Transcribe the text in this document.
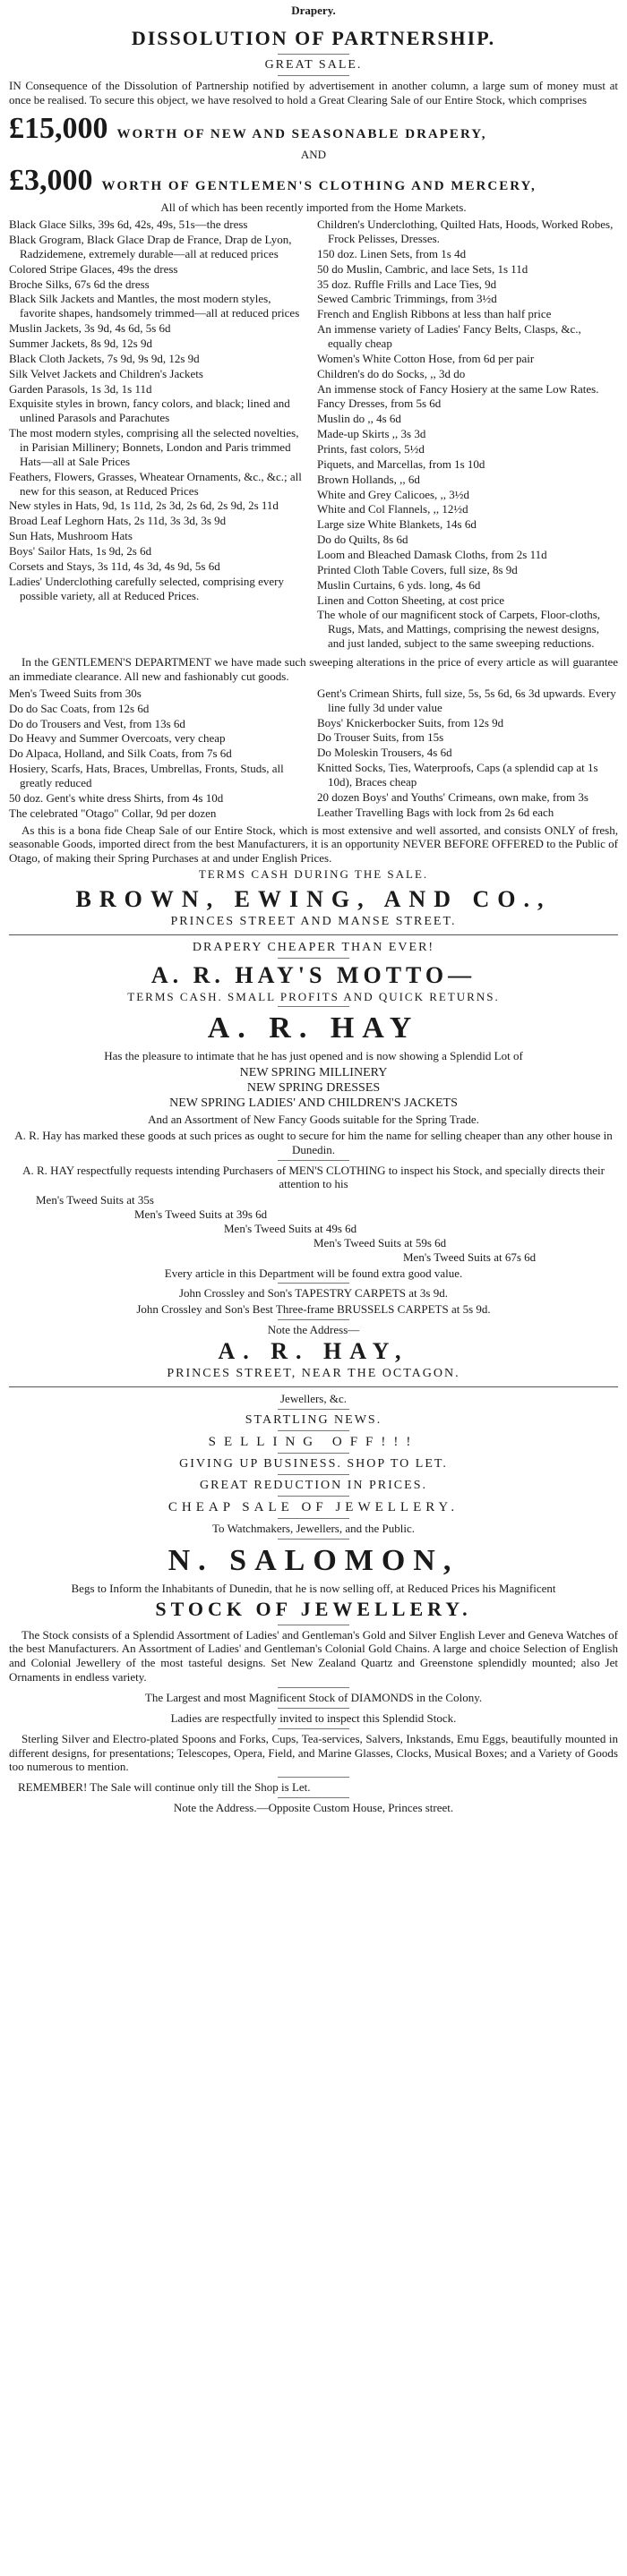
Drapery.
DISSOLUTION OF PARTNERSHIP.
GREAT SALE.

IN Consequence of the Dissolution of Partnership notified by advertisement in another column, a large sum of money must at once be realised. To secure this object, we have resolved to hold a Great Clearing Sale of our Entire Stock, which comprises

£15,000 WORTH OF NEW AND SEASONABLE DRAPERY,
AND
£3,000 WORTH OF GENTLEMEN'S CLOTHING AND MERCERY,

All of which has been recently imported from the Home Markets.

Black Glace Silks, 39s 6d, 42s, 49s, 51s—the dress

Black Grogram, Black Glace Drap de France, Drap de Lyon, Radzidemene, extremely durable—all at reduced prices

Colored Stripe Glaces, 49s the dress

Broche Silks, 67s 6d the dress

Black Silk Jackets and Mantles, the most modern styles, favorite shapes, handsomely trimmed—all at reduced prices

Muslin Jackets, 3s 9d, 4s 6d, 5s 6d

Summer Jackets, 8s 9d, 12s 9d

Black Cloth Jackets, 7s 9d, 9s 9d, 12s 9d

Silk Velvet Jackets and Children's Jackets

Garden Parasols, 1s 3d, 1s 11d

Exquisite styles in brown, fancy colors, and black; lined and unlined Parasols and Parachutes

The most modern styles, comprising all the selected novelties, in Parisian Millinery; Bonnets, London and Paris trimmed Hats—all at Sale Prices

Feathers, Flowers, Grasses, Wheatear Ornaments, &c., &c.; all new for this season, at Reduced Prices

New styles in Hats, 9d, 1s 11d, 2s 3d, 2s 6d, 2s 9d, 2s 11d

Broad Leaf Leghorn Hats, 2s 11d, 3s 3d, 3s 9d

Sun Hats, Mushroom Hats

Boys' Sailor Hats, 1s 9d, 2s 6d

Corsets and Stays, 3s 11d, 4s 3d, 4s 9d, 5s 6d

Ladies' Underclothing carefully selected, comprising every possible variety, all at Reduced Prices.

Children's Underclothing, Quilted Hats, Hoods, Worked Robes, Frock Pelisses, Dresses.

150 doz. Linen Sets, from 1s 4d

50 do Muslin, Cambric, and lace Sets, 1s 11d

35 doz. Ruffle Frills and Lace Ties, 9d

Sewed Cambric Trimmings, from 3½d

French and English Ribbons at less than half price

An immense variety of Ladies' Fancy Belts, Clasps, &c., equally cheap

Women's White Cotton Hose, from 6d per pair

Children's do do Socks, ,, 3d do

An immense stock of Fancy Hosiery at the same Low Rates.

Fancy Dresses, from 5s 6d

Muslin do ,, 4s 6d

Made-up Skirts ,, 3s 3d

Prints, fast colors, 5½d

Piquets, and Marcellas, from 1s 10d

Brown Hollands, ,, 6d

White and Grey Calicoes, ,, 3½d

White and Col Flannels, ,, 12½d

Large size White Blankets, 14s 6d

Do do Quilts, 8s 6d

Loom and Bleached Damask Cloths, from 2s 11d

Printed Cloth Table Covers, full size, 8s 9d

Muslin Curtains, 6 yds. long, 4s 6d

Linen and Cotton Sheeting, at cost price

The whole of our magnificent stock of Carpets, Floor-cloths, Rugs, Mats, and Mattings, comprising the newest designs, and just landed, subject to the same sweeping reductions.

In the GENTLEMEN'S DEPARTMENT we have made such sweeping alterations in the price of every article as will guarantee an immediate clearance. All new and fashionably cut goods.

Men's Tweed Suits from 30s

Do do Sac Coats, from 12s 6d

Do do Trousers and Vest, from 13s 6d

Do Heavy and Summer Overcoats, very cheap

Do Alpaca, Holland, and Silk Coats, from 7s 6d

Hosiery, Scarfs, Hats, Braces, Umbrellas, Fronts, Studs, all greatly reduced

50 doz. Gent's white dress Shirts, from 4s 10d

The celebrated "Otago" Collar, 9d per dozen

Gent's Crimean Shirts, full size, 5s, 5s 6d, 6s 3d upwards. Every line fully 3d under value

Boys' Knickerbocker Suits, from 12s 9d

Do Trouser Suits, from 15s

Do Moleskin Trousers, 4s 6d

Knitted Socks, Ties, Waterproofs, Caps (a splendid cap at 1s 10d), Braces cheap

20 dozen Boys' and Youths' Crimeans, own make, from 3s

Leather Travelling Bags with lock from 2s 6d each

As this is a bona fide Cheap Sale of our Entire Stock, which is most extensive and well assorted, and consists ONLY of fresh, seasonable Goods, imported direct from the best Manufacturers, it is an opportunity NEVER BEFORE OFFERED to the Public of Otago, of making their Spring Purchases at and under English Prices.

TERMS CASH DURING THE SALE.
BROWN, EWING, AND CO.,
PRINCES STREET AND MANSE STREET.
DRAPERY CHEAPER THAN EVER!
A. R. HAY'S MOTTO—
TERMS CASH. SMALL PROFITS AND QUICK RETURNS.
A. R. HAY

Has the pleasure to intimate that he has just opened and is now showing a Splendid Lot of

NEW SPRING MILLINERY
NEW SPRING DRESSES
NEW SPRING LADIES' AND CHILDREN'S JACKETS

And an Assortment of New Fancy Goods suitable for the Spring Trade.

A. R. Hay has marked these goods at such prices as ought to secure for him the name for selling cheaper than any other house in Dunedin.

A. R. HAY respectfully requests intending Purchasers of MEN'S CLOTHING to inspect his Stock, and specially directs their attention to his

Men's Tweed Suits at 35s
Men's Tweed Suits at 39s 6d
Men's Tweed Suits at 49s 6d
Men's Tweed Suits at 59s 6d
Men's Tweed Suits at 67s 6d

Every article in this Department will be found extra good value.

John Crossley and Son's TAPESTRY CARPETS at 3s 9d.

John Crossley and Son's Best Three-frame BRUSSELS CARPETS at 5s 9d.

Note the Address—
A. R. HAY,
PRINCES STREET, NEAR THE OCTAGON.
Jewellers, &c.
STARTLING NEWS.
SELLING OFF!!!
GIVING UP BUSINESS. SHOP TO LET.
GREAT REDUCTION IN PRICES.
CHEAP SALE OF JEWELLERY.
To Watchmakers, Jewellers, and the Public.
N. SALOMON,

Begs to Inform the Inhabitants of Dunedin, that he is now selling off, at Reduced Prices his Magnificent

STOCK OF JEWELLERY.

The Stock consists of a Splendid Assortment of Ladies' and Gentleman's Gold and Silver English Lever and Geneva Watches of the best Manufacturers. An Assortment of Ladies' and Gentleman's Colonial Gold Chains. A large and choice Selection of English and Colonial Jewellery of the most tasteful designs. Set New Zealand Quartz and Greenstone splendidly mounted; also Jet Ornaments in endless variety.

The Largest and most Magnificent Stock of DIAMONDS in the Colony.

Ladies are respectfully invited to inspect this Splendid Stock.

Sterling Silver and Electro-plated Spoons and Forks, Cups, Tea-services, Salvers, Inkstands, Emu Eggs, beautifully mounted in different designs, for presentations; Telescopes, Opera, Field, and Marine Glasses, Clocks, Musical Boxes; and a Variety of Goods too numerous to mention.

REMEMBER! The Sale will continue only till the Shop is Let.

Note the Address.—Opposite Custom House, Princes street.
